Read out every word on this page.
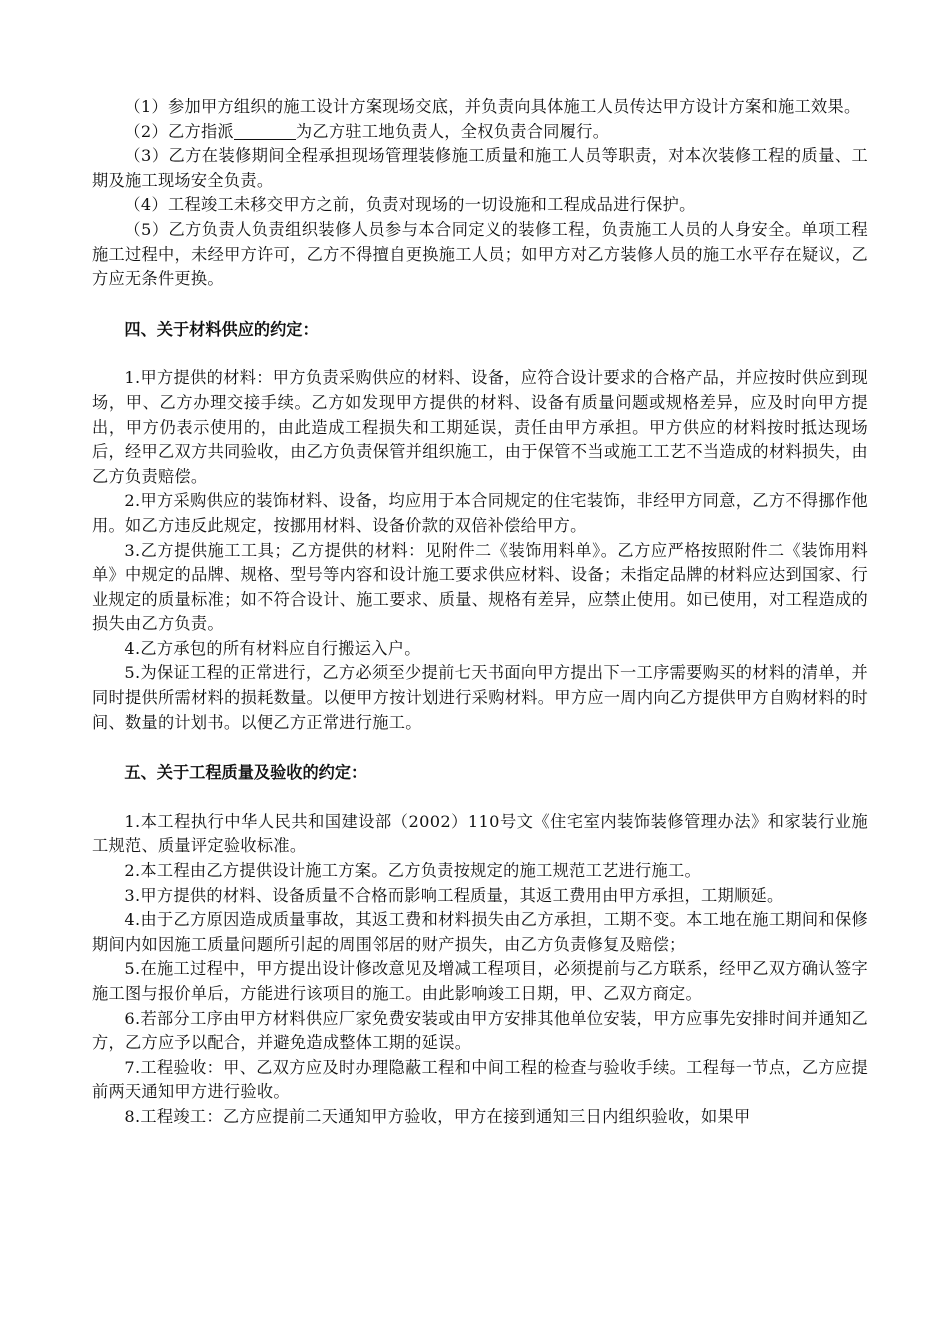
（1）参加甲方组织的施工设计方案现场交底，并负责向具体施工人员传达甲方设计方案和施工效果。

（2）乙方指派	为乙方驻工地负责人，全权负责合同履行。

（3）乙方在装修期间全程承担现场管理装修施工质量和施工人员等职责，对本次装修工程的质量、工期及施工现场安全负责。

（4）工程竣工未移交甲方之前，负责对现场的一切设施和工程成品进行保护。

（5）乙方负责人负责组织装修人员参与本合同定义的装修工程，负责施工人员的人身安全。单项工程施工过程中，未经甲方许可，乙方不得擅自更换施工人员；如甲方对乙方装修人员的施工水平存在疑议，乙方应无条件更换。

四、关于材料供应的约定：

1.甲方提供的材料：甲方负责采购供应的材料、设备，应符合设计要求的合格产品，并应按时供应到现场，甲、乙方办理交接手续。乙方如发现甲方提供的材料、设备有质量问题或规格差异，应及时向甲方提出，甲方仍表示使用的，由此造成工程损失和工期延误，责任由甲方承担。甲方供应的材料按时抵达现场后，经甲乙双方共同验收，由乙方负责保管并组织施工，由于保管不当或施工工艺不当造成的材料损失，由乙方负责赔偿。

2.甲方采购供应的装饰材料、设备，均应用于本合同规定的住宅装饰，非经甲方同意，乙方不得挪作他用。如乙方违反此规定，按挪用材料、设备价款的双倍补偿给甲方。

3.乙方提供施工工具；乙方提供的材料：见附件二《装饰用料单》。乙方应严格按照附件二《装饰用料单》中规定的品牌、规格、型号等内容和设计施工要求供应材料、设备；未指定品牌的材料应达到国家、行业规定的质量标准；如不符合设计、施工要求、质量、规格有差异，应禁止使用。如已使用，对工程造成的损失由乙方负责。

4.乙方承包的所有材料应自行搬运入户。

5.为保证工程的正常进行，乙方必须至少提前七天书面向甲方提出下一工序需要购买的材料的清单，并同时提供所需材料的损耗数量。以便甲方按计划进行采购材料。甲方应一周内向乙方提供甲方自购材料的时间、数量的计划书。以便乙方正常进行施工。

五、关于工程质量及验收的约定：

1.本工程执行中华人民共和国建设部（2002）110号文《住宅室内装饰装修管理办法》和家装行业施工规范、质量评定验收标准。

2.本工程由乙方提供设计施工方案。乙方负责按规定的施工规范工艺进行施工。

3.甲方提供的材料、设备质量不合格而影响工程质量，其返工费用由甲方承担，工期顺延。

4.由于乙方原因造成质量事故，其返工费和材料损失由乙方承担，工期不变。本工地在施工期间和保修期间内如因施工质量问题所引起的周围邻居的财产损失，由乙方负责修复及赔偿；

5.在施工过程中，甲方提出设计修改意见及增减工程项目，必须提前与乙方联系，经甲乙双方确认签字施工图与报价单后，方能进行该项目的施工。由此影响竣工日期，甲、乙双方商定。

6.若部分工序由甲方材料供应厂家免费安装或由甲方安排其他单位安装，甲方应事先安排时间并通知乙方，乙方应予以配合，并避免造成整体工期的延误。

7.工程验收：甲、乙双方应及时办理隐蔽工程和中间工程的检查与验收手续。工程每一节点，乙方应提前两天通知甲方进行验收。

8.工程竣工：乙方应提前二天通知甲方验收，甲方在接到通知三日内组织验收，如果甲
